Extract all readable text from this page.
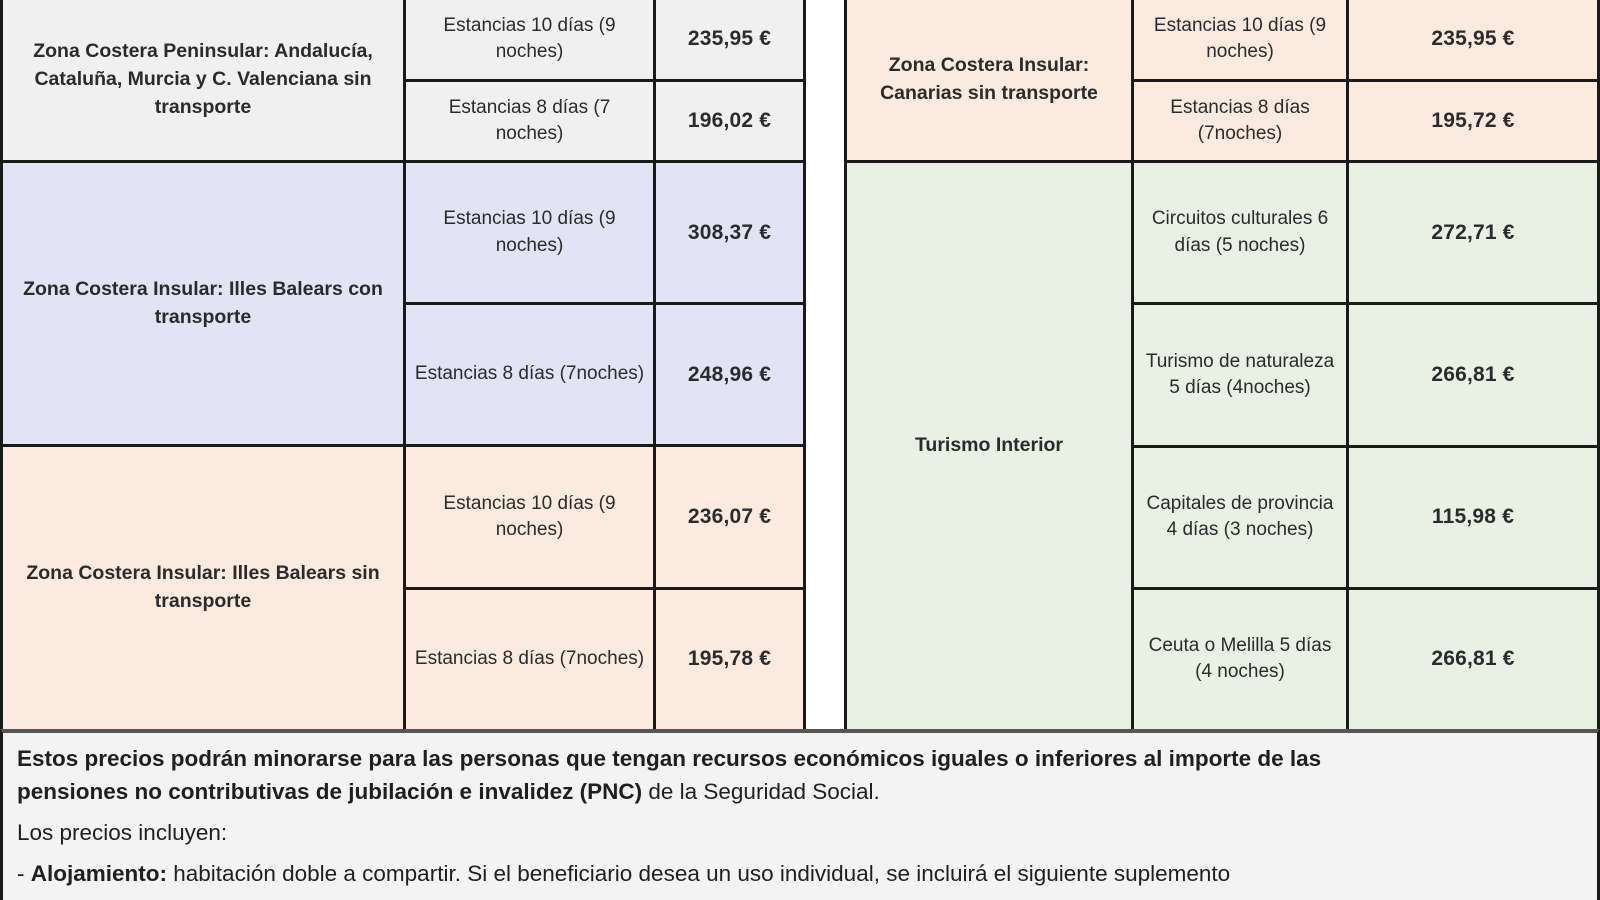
Zona Costera Peninsular: Andalucía, Cataluña, Murcia y C. Valenciana sin transporte
Estancias 10 días (9 noches)
235,95 €
Estancias 8 días (7 noches)
196,02 €
Zona Costera Insular: Illes Balears con transporte
Estancias 10 días (9 noches)
308,37 €
Estancias 8 días (7noches)	248,96 €
Zona Costera Insular: Illes Balears sin transporte
Estancias 10 días (9 noches)
236,07 €
Estancias 8 días (7noches)	195,78 €
Zona Costera Insular: Canarias sin transporte
Estancias 10 días (9 noches)
235,95 €
Estancias 8 días (7noches)
195,72 €
Turismo Interior
Circuitos culturales 6 días (5 noches)
272,71 €
Turismo de naturaleza 5 días (4noches)
266,81 €
Capitales de provincia 4 días (3 noches)
115,98 €
Ceuta o Melilla 5 días (4 noches)
266,81 €
Estos precios podrán minorarse para las personas que tengan recursos económicos iguales o inferiores al importe de las
pensiones no contributivas de jubilación e invalidez (PNC) de la Seguridad Social.
Los precios incluyen:
- Alojamiento: habitación doble a compartir. Si el beneficiario desea un uso individual, se incluirá el siguiente suplemento
